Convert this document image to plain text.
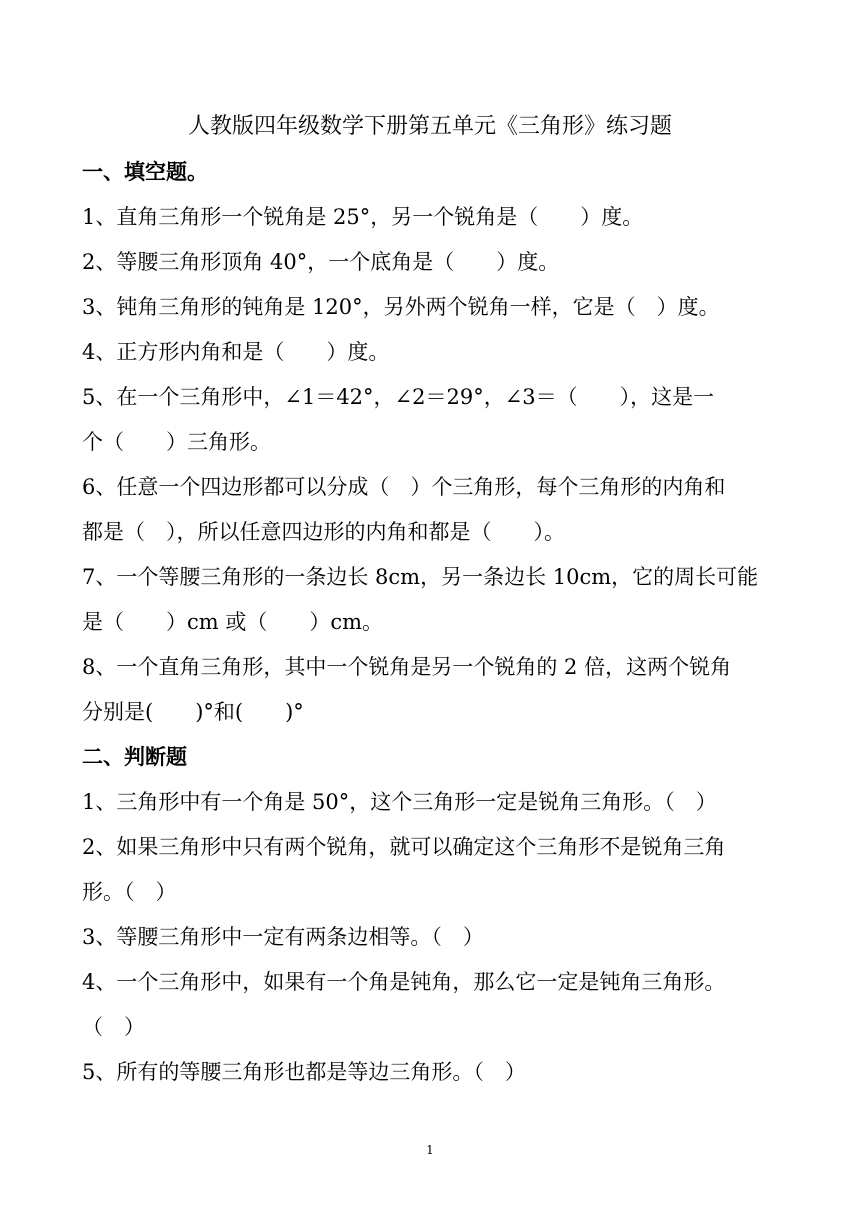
人教版四年级数学下册第五单元《三角形》练习题
一、填空题。
1、直角三角形一个锐角是 25°，另一个锐角是（　　）度。
2、等腰三角形顶角 40°，一个底角是（　　）度。
3、钝角三角形的钝角是 120°，另外两个锐角一样，它是（　）度。
4、正方形内角和是（　　）度。
5、在一个三角形中，∠1＝42°，∠2＝29°，∠3＝（　　），这是一
个（　　）三角形。
6、任意一个四边形都可以分成（　）个三角形，每个三角形的内角和
都是（　），所以任意四边形的内角和都是（　　）。
7、一个等腰三角形的一条边长 8cm，另一条边长 10cm，它的周长可能
是（　　）cm 或（　　）cm。
8、一个直角三角形，其中一个锐角是另一个锐角的 2 倍，这两个锐角
分别是(　　)°和(　　)°
二、判断题
1、三角形中有一个角是 50°，这个三角形一定是锐角三角形。（　）
2、如果三角形中只有两个锐角，就可以确定这个三角形不是锐角三角
形。（　）
3、等腰三角形中一定有两条边相等。（　）
4、一个三角形中，如果有一个角是钝角，那么它一定是钝角三角形。
（　）
5、所有的等腰三角形也都是等边三角形。（　）
1
